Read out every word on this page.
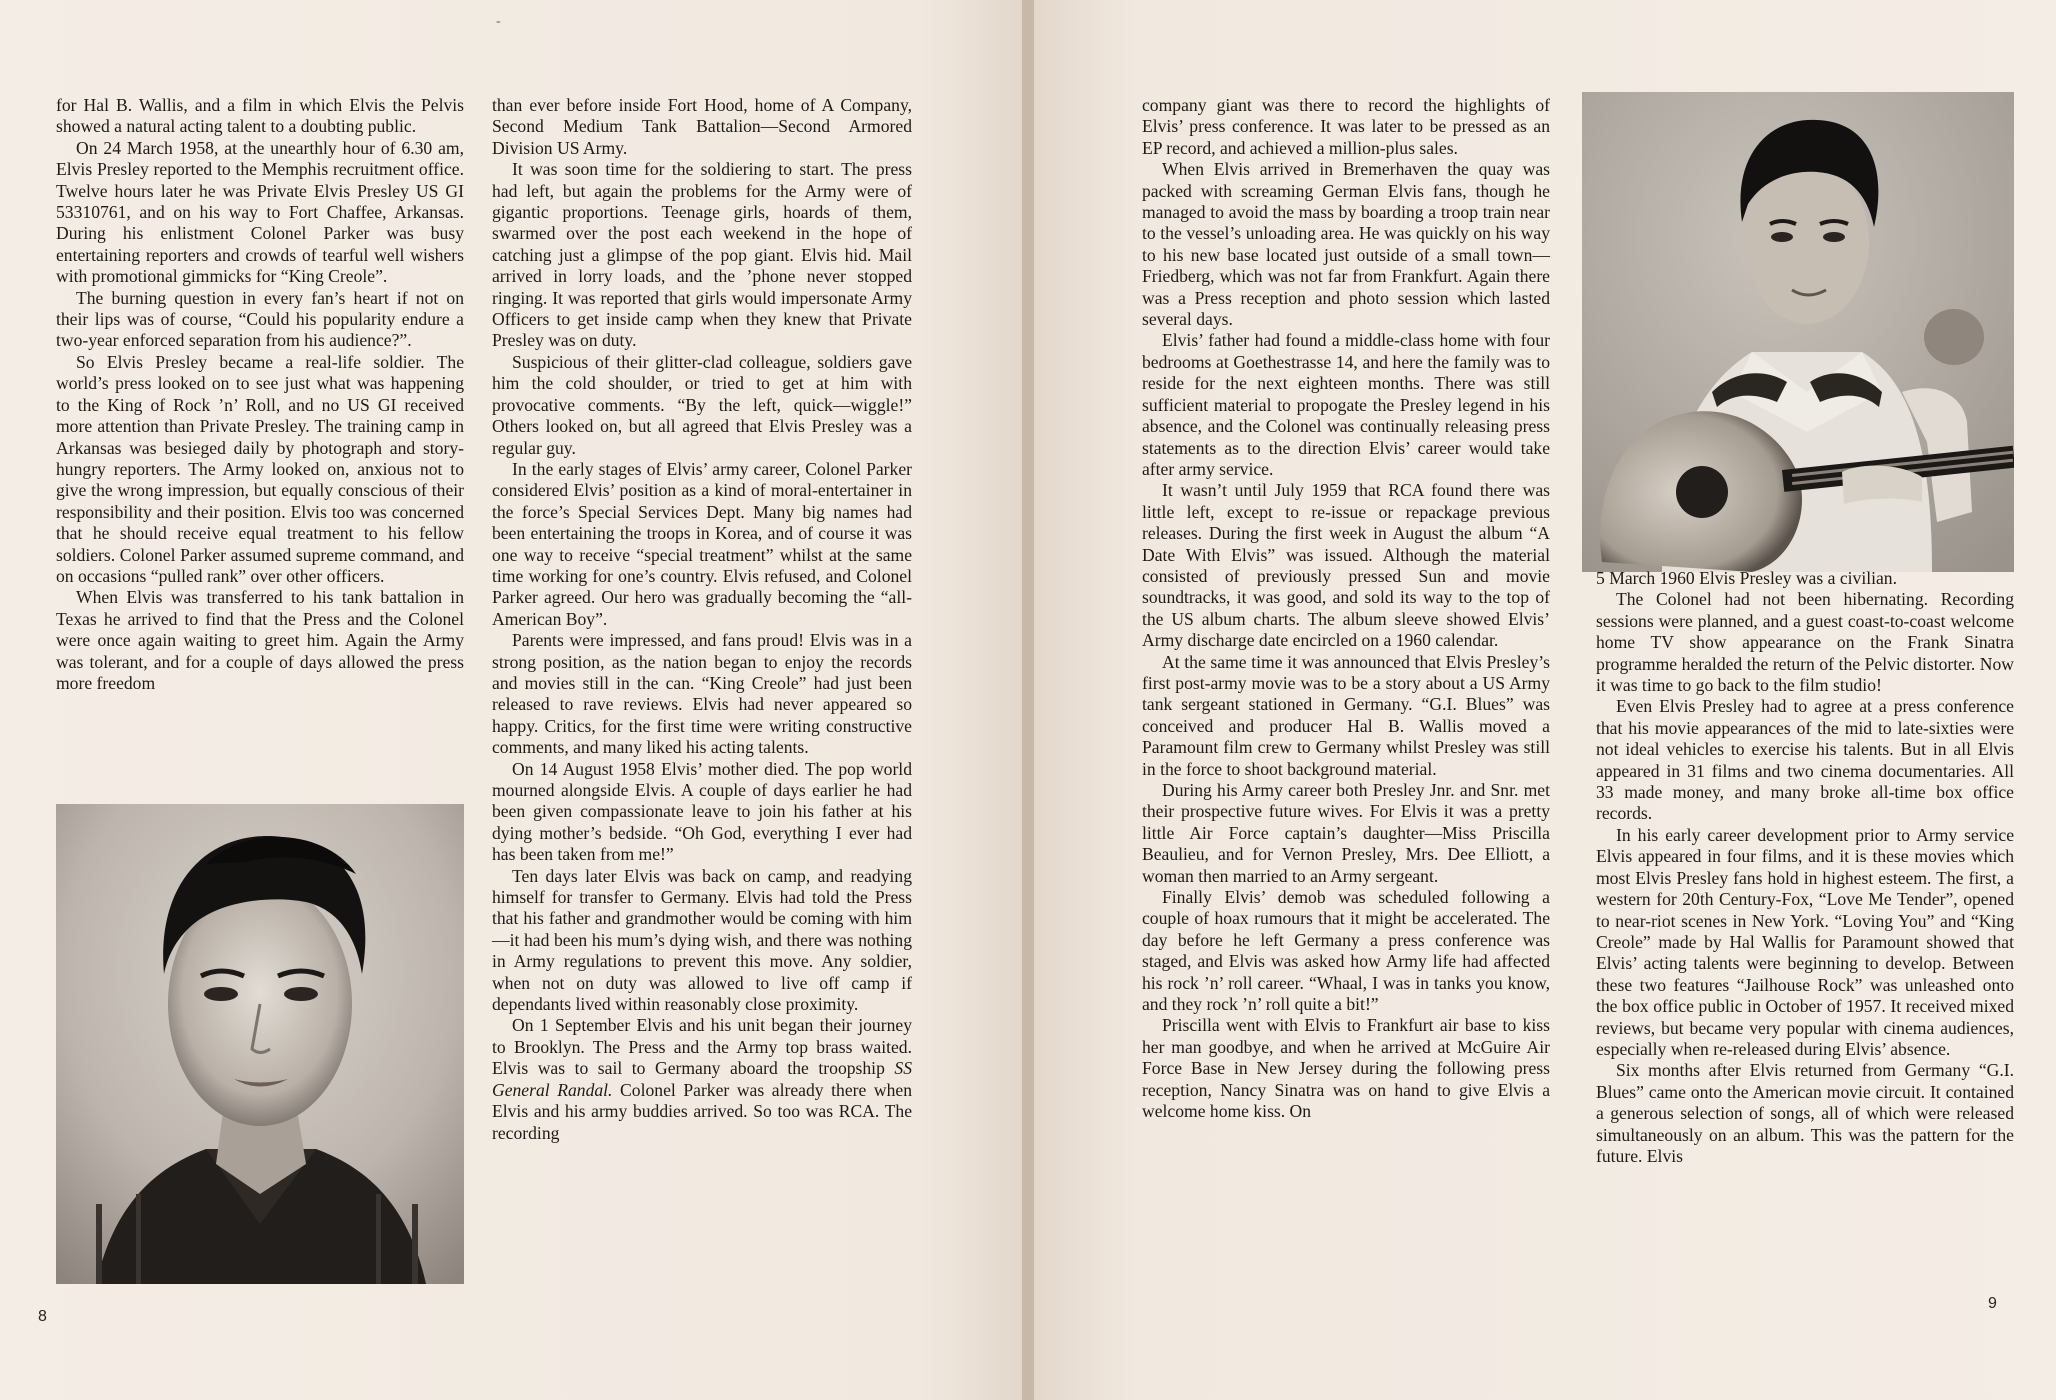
-

for Hal B. Wallis, and a film in which Elvis the Pelvis showed a natural acting talent to a doubting public.

On 24 March 1958, at the unearthly hour of 6.30 am, Elvis Presley reported to the Memphis recruitment office. Twelve hours later he was Private Elvis Presley US GI 53310761, and on his way to Fort Chaffee, Arkansas. During his enlistment Colonel Parker was busy entertaining reporters and crowds of tearful well wishers with promotional gimmicks for “King Creole”.

The burning question in every fan’s heart if not on their lips was of course, “Could his popularity endure a two-year enforced separation from his audience?”.

So Elvis Presley became a real-life soldier. The world’s press looked on to see just what was happening to the King of Rock ’n’ Roll, and no US GI received more attention than Private Presley. The training camp in Arkansas was besieged daily by photograph and story-hungry reporters. The Army looked on, anxious not to give the wrong impression, but equally conscious of their responsibility and their position. Elvis too was concerned that he should receive equal treatment to his fellow soldiers. Colonel Parker assumed supreme command, and on occasions “pulled rank” over other officers.

When Elvis was transferred to his tank battalion in Texas he arrived to find that the Press and the Colonel were once again waiting to greet him. Again the Army was tolerant, and for a couple of days allowed the press more freedom

than ever before inside Fort Hood, home of A Company, Second Medium Tank Battalion—Second Armored Division US Army.

It was soon time for the soldiering to start. The press had left, but again the problems for the Army were of gigantic proportions. Teenage girls, hoards of them, swarmed over the post each weekend in the hope of catching just a glimpse of the pop giant. Elvis hid. Mail arrived in lorry loads, and the ’phone never stopped ringing. It was reported that girls would impersonate Army Officers to get inside camp when they knew that Private Presley was on duty.

Suspicious of their glitter-clad colleague, soldiers gave him the cold shoulder, or tried to get at him with provocative comments. “By the left, quick—wiggle!” Others looked on, but all agreed that Elvis Presley was a regular guy.

In the early stages of Elvis’ army career, Colonel Parker considered Elvis’ position as a kind of moral-entertainer in the force’s Special Services Dept. Many big names had been entertaining the troops in Korea, and of course it was one way to receive “special treatment” whilst at the same time working for one’s country. Elvis refused, and Colonel Parker agreed. Our hero was gradually becoming the “all-American Boy”.

Parents were impressed, and fans proud! Elvis was in a strong position, as the nation began to enjoy the records and movies still in the can. “King Creole” had just been released to rave reviews. Elvis had never appeared so happy. Critics, for the first time were writing constructive comments, and many liked his acting talents.

On 14 August 1958 Elvis’ mother died. The pop world mourned alongside Elvis. A couple of days earlier he had been given compassionate leave to join his father at his dying mother’s bedside. “Oh God, everything I ever had has been taken from me!”

Ten days later Elvis was back on camp, and readying himself for transfer to Germany. Elvis had told the Press that his father and grandmother would be coming with him—it had been his mum’s dying wish, and there was nothing in Army regulations to prevent this move. Any soldier, when not on duty was allowed to live off camp if dependants lived within reasonably close proximity.

On 1 September Elvis and his unit began their journey to Brooklyn. The Press and the Army top brass waited. Elvis was to sail to Germany aboard the troopship SS General Randal. Colonel Parker was already there when Elvis and his army buddies arrived. So too was RCA. The recording

8

company giant was there to record the highlights of Elvis’ press conference. It was later to be pressed as an EP record, and achieved a million-plus sales.

When Elvis arrived in Bremerhaven the quay was packed with screaming German Elvis fans, though he managed to avoid the mass by boarding a troop train near to the vessel’s unloading area. He was quickly on his way to his new base located just outside of a small town—Friedberg, which was not far from Frankfurt. Again there was a Press reception and photo session which lasted several days.

Elvis’ father had found a middle-class home with four bedrooms at Goethestrasse 14, and here the family was to reside for the next eighteen months. There was still sufficient material to propogate the Presley legend in his absence, and the Colonel was continually releasing press statements as to the direction Elvis’ career would take after army service.

It wasn’t until July 1959 that RCA found there was little left, except to re-issue or repackage previous releases. During the first week in August the album “A Date With Elvis” was issued. Although the material consisted of previously pressed Sun and movie soundtracks, it was good, and sold its way to the top of the US album charts. The album sleeve showed Elvis’ Army discharge date encircled on a 1960 calendar.

At the same time it was announced that Elvis Presley’s first post-army movie was to be a story about a US Army tank sergeant stationed in Germany. “G.I. Blues” was conceived and producer Hal B. Wallis moved a Paramount film crew to Germany whilst Presley was still in the force to shoot background material.

During his Army career both Presley Jnr. and Snr. met their prospective future wives. For Elvis it was a pretty little Air Force captain’s daughter—Miss Priscilla Beaulieu, and for Vernon Presley, Mrs. Dee Elliott, a woman then married to an Army sergeant.

Finally Elvis’ demob was scheduled following a couple of hoax rumours that it might be accelerated. The day before he left Germany a press conference was staged, and Elvis was asked how Army life had affected his rock ’n’ roll career. “Whaal, I was in tanks you know, and they rock ’n’ roll quite a bit!”

Priscilla went with Elvis to Frankfurt air base to kiss her man goodbye, and when he arrived at McGuire Air Force Base in New Jersey during the following press reception, Nancy Sinatra was on hand to give Elvis a welcome home kiss. On

5 March 1960 Elvis Presley was a civilian.

The Colonel had not been hibernating. Recording sessions were planned, and a guest coast-to-coast welcome home TV show appearance on the Frank Sinatra programme heralded the return of the Pelvic distorter. Now it was time to go back to the film studio!

Even Elvis Presley had to agree at a press conference that his movie appearances of the mid to late-sixties were not ideal vehicles to exercise his talents. But in all Elvis appeared in 31 films and two cinema documentaries. All 33 made money, and many broke all-time box office records.

In his early career development prior to Army service Elvis appeared in four films, and it is these movies which most Elvis Presley fans hold in highest esteem. The first, a western for 20th Century-Fox, “Love Me Tender”, opened to near-riot scenes in New York. “Loving You” and “King Creole” made by Hal Wallis for Paramount showed that Elvis’ acting talents were beginning to develop. Between these two features “Jailhouse Rock” was unleashed onto the box office public in October of 1957. It received mixed reviews, but became very popular with cinema audiences, especially when re-released during Elvis’ absence.

Six months after Elvis returned from Germany “G.I. Blues” came onto the American movie circuit. It contained a generous selection of songs, all of which were released simultaneously on an album. This was the pattern for the future. Elvis

9
